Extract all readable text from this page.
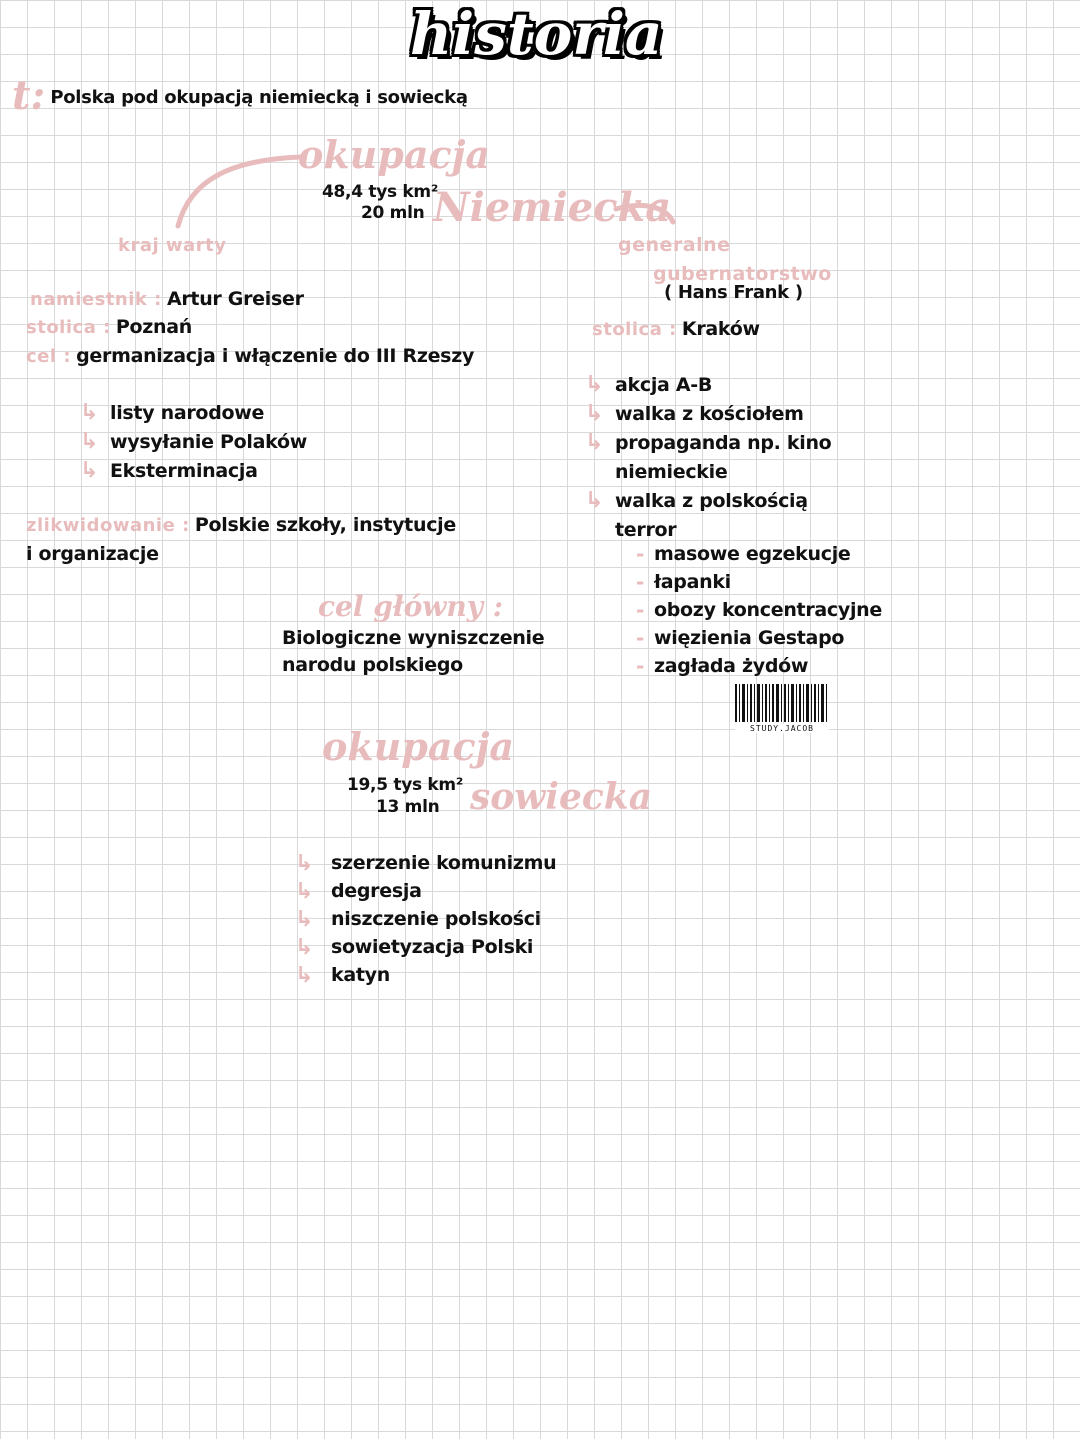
historia
t: Polska pod okupacją niemiecką i sowiecką
okupacja
48,4 tys km²
20 mln Niemiecka
kraj warty
namiestnik : Artur Greiser
stolica : Poznań
cel : germanizacja i włączenie do III Rzeszy
↳ listy narodowe
↳ wysyłanie Polaków
↳ Eksterminacja
zlikwidowanie : Polskie szkoły, instytucje
i organizacje
generalne
gubernatorstwo
( Hans Frank )
stolica : Kraków
↳ akcja A-B
↳ walka z kościołem
↳ propaganda np. kino
niemieckie
↳ walka z polskością
terror
- masowe egzekucje
- łapanki
- obozy koncentracyjne
- więzienia Gestapo
- zagłada żydów
STUDY.JACOB
cel główny :
Biologiczne wyniszczenie
narodu polskiego
okupacja
19,5 tys km²
13 mln sowiecka
↳ szerzenie komunizmu
↳ degresja
↳ niszczenie polskości
↳ sowietyzacja Polski
↳ katyn
